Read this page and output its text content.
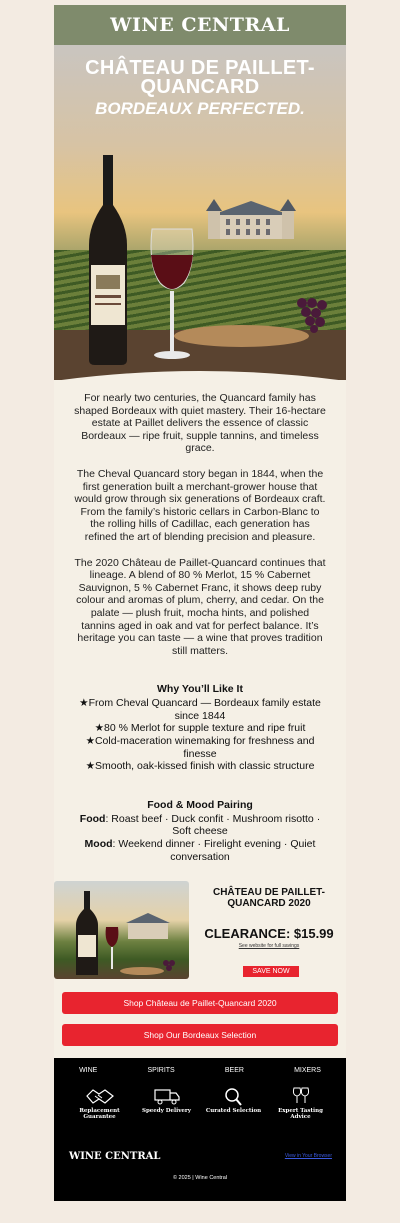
WINE CENTRAL
CHÂTEAU DE PAILLET-QUANCARD
BORDEAUX PERFECTED.

For nearly two centuries, the Quancard family has shaped Bordeaux with quiet mastery. Their 16-hectare estate at Paillet delivers the essence of classic Bordeaux — ripe fruit, supple tannins, and timeless grace.

The Cheval Quancard story began in 1844, when the first generation built a merchant-grower house that would grow through six generations of Bordeaux craft. From the family’s historic cellars in Carbon-Blanc to the rolling hills of Cadillac, each generation has refined the art of blending precision and pleasure.

The 2020 Château de Paillet-Quancard continues that lineage. A blend of 80 % Merlot, 15 % Cabernet Sauvignon, 5 % Cabernet Franc, it shows deep ruby colour and aromas of plum, cherry, and cedar. On the palate — plush fruit, mocha hints, and polished tannins aged in oak and vat for perfect balance. It’s heritage you can taste — a wine that proves tradition still matters.

Why You’ll Like It
★From Cheval Quancard — Bordeaux family estate since 1844
★80 % Merlot for supple texture and ripe fruit
★Cold-maceration winemaking for freshness and finesse
★Smooth, oak-kissed finish with classic structure
Food & Mood Pairing
Food: Roast beef · Duck confit · Mushroom risotto · Soft cheese
Mood: Weekend dinner · Firelight evening · Quiet conversation
CHÂTEAU DE PAILLET-QUANCARD 2020
CLEARANCE: $15.99
See website for full savings
SAVE NOW
Shop Château de Paillet-Quancard 2020
Shop Our Bordeaux Selection
WINE	SPIRITS	BEER	MIXERS
Replacement Guarantee
Speedy Delivery	Curated Selection	Expert Tasting Advice
WINE CENTRAL	View in Your Browser
© 2025 | Wine Central
